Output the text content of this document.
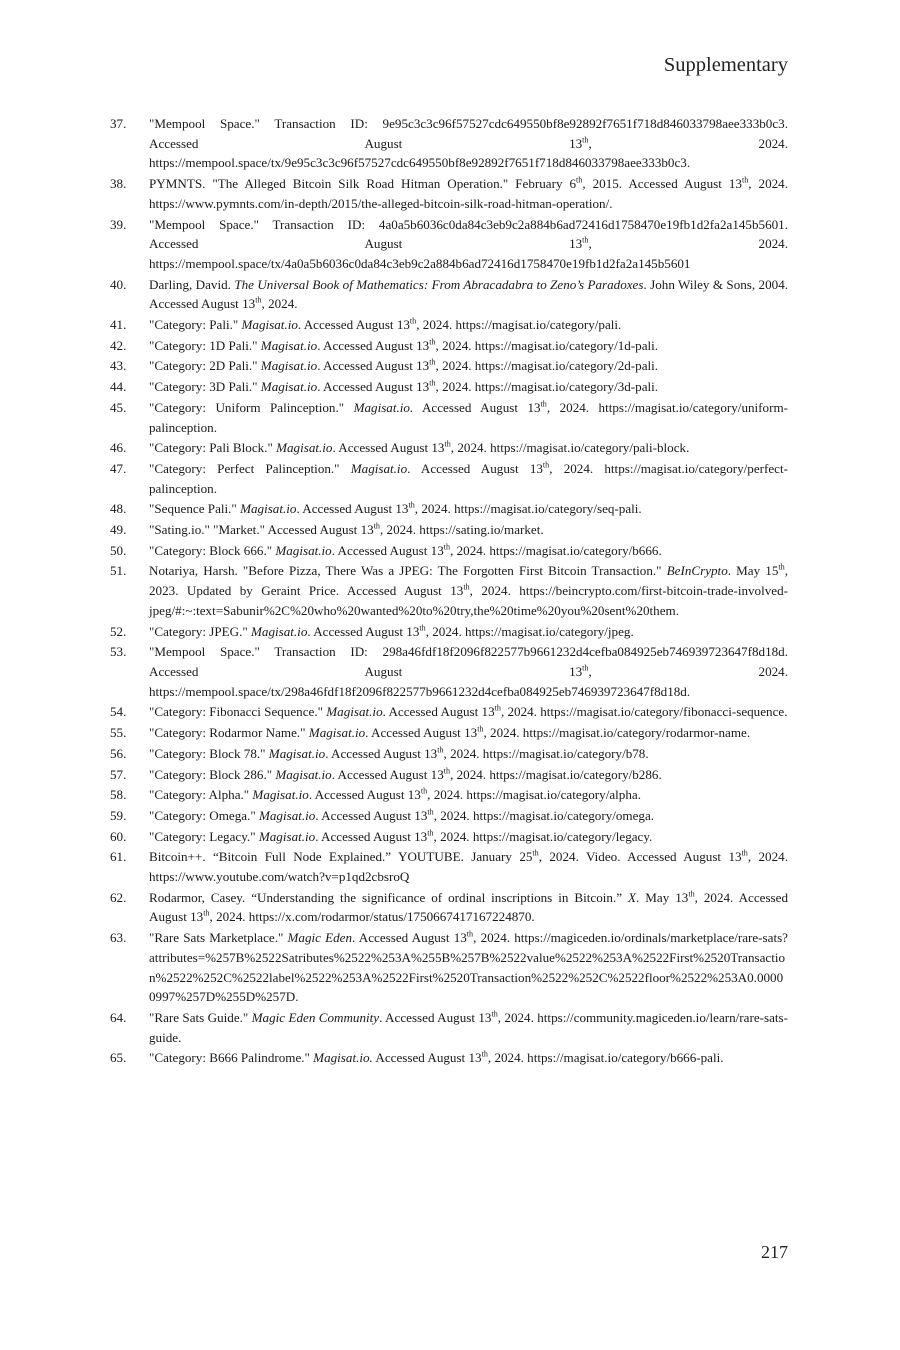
Supplementary
37.	"Mempool Space." Transaction ID: 9e95c3c3c96f57527cdc649550bf8e92892f7651f718d846033798aee333b0c3. Accessed August 13th, 2024. https://mempool.space/tx/9e95c3c3c96f57527cdc649550bf8e92892f7651f718d846033798aee333b0c3.
38.	PYMNTS. "The Alleged Bitcoin Silk Road Hitman Operation." February 6th, 2015. Accessed August 13th, 2024. https://www.pymnts.com/in-depth/2015/the-alleged-bitcoin-silk-road-hitman-operation/.
39.	"Mempool Space." Transaction ID: 4a0a5b6036c0da84c3eb9c2a884b6ad72416d1758470e19fb1d2fa2a145b5601. Accessed August 13th, 2024. https://mempool.space/tx/4a0a5b6036c0da84c3eb9c2a884b6ad72416d1758470e19fb1d2fa2a145b5601
40.	Darling, David. The Universal Book of Mathematics: From Abracadabra to Zeno’s Paradoxes. John Wiley & Sons, 2004. Accessed August 13th, 2024.
41.	"Category: Pali." Magisat.io. Accessed August 13th, 2024. https://magisat.io/category/pali.
42.	"Category: 1D Pali." Magisat.io. Accessed August 13th, 2024. https://magisat.io/category/1d-pali.
43.	"Category: 2D Pali." Magisat.io. Accessed August 13th, 2024. https://magisat.io/category/2d-pali.
44.	"Category: 3D Pali." Magisat.io. Accessed August 13th, 2024. https://magisat.io/category/3d-pali.
45.	"Category: Uniform Palinception." Magisat.io. Accessed August 13th, 2024. https://magisat.io/category/uniform-palinception.
46.	"Category: Pali Block." Magisat.io. Accessed August 13th, 2024. https://magisat.io/category/pali-block.
47.	"Category: Perfect Palinception." Magisat.io. Accessed August 13th, 2024. https://magisat.io/category/perfect-palinception.
48.	"Sequence Pali." Magisat.io. Accessed August 13th, 2024. https://magisat.io/category/seq-pali.
49.	"Sating.io." "Market." Accessed August 13th, 2024. https://sating.io/market.
50.	"Category: Block 666." Magisat.io. Accessed August 13th, 2024. https://magisat.io/category/b666.
51.	Notariya, Harsh. "Before Pizza, There Was a JPEG: The Forgotten First Bitcoin Transaction." BeInCrypto. May 15th, 2023. Updated by Geraint Price. Accessed August 13th, 2024. https://beincrypto.com/first-bitcoin-trade-involved-jpeg/#:~:text=Sabunir%2C%20who%20wanted%20to%20try,the%20time%20you%20sent%20them.
52.	"Category: JPEG." Magisat.io. Accessed August 13th, 2024. https://magisat.io/category/jpeg.
53.	"Mempool Space." Transaction ID: 298a46fdf18f2096f822577b9661232d4cefba084925eb746939723647f8d18d. Accessed August 13th, 2024. https://mempool.space/tx/298a46fdf18f2096f822577b9661232d4cefba084925eb746939723647f8d18d.
54.	"Category: Fibonacci Sequence." Magisat.io. Accessed August 13th, 2024. https://magisat.io/category/fibonacci-sequence.
55.	"Category: Rodarmor Name." Magisat.io. Accessed August 13th, 2024. https://magisat.io/category/rodarmor-name.
56.	"Category: Block 78." Magisat.io. Accessed August 13th, 2024. https://magisat.io/category/b78.
57.	"Category: Block 286." Magisat.io. Accessed August 13th, 2024. https://magisat.io/category/b286.
58.	"Category: Alpha." Magisat.io. Accessed August 13th, 2024. https://magisat.io/category/alpha.
59.	"Category: Omega." Magisat.io. Accessed August 13th, 2024. https://magisat.io/category/omega.
60.	"Category: Legacy." Magisat.io. Accessed August 13th, 2024. https://magisat.io/category/legacy.
61.	Bitcoin++. “Bitcoin Full Node Explained.” YOUTUBE. January 25th, 2024. Video. Accessed August 13th, 2024. https://www.youtube.com/watch?v=p1qd2cbsroQ
62.	Rodarmor, Casey. “Understanding the significance of ordinal inscriptions in Bitcoin.” X. May 13th, 2024. Accessed August 13th, 2024. https://x.com/rodarmor/status/1750667417167224870.
63.	"Rare Sats Marketplace." Magic Eden. Accessed August 13th, 2024. https://magiceden.io/ordinals/marketplace/rare-sats?attributes=%257B%2522Satributes%2522%253A%255B%257B%2522value%2522%253A%2522First%2520Transaction%2522%252C%2522label%2522%253A%2522First%2520Transaction%2522%252C%2522floor%2522%253A0.00000997%257D%255D%257D.
64.	"Rare Sats Guide." Magic Eden Community. Accessed August 13th, 2024. https://community.magiceden.io/learn/rare-sats-guide.
65.	"Category: B666 Palindrome." Magisat.io. Accessed August 13th, 2024. https://magisat.io/category/b666-pali.
217
